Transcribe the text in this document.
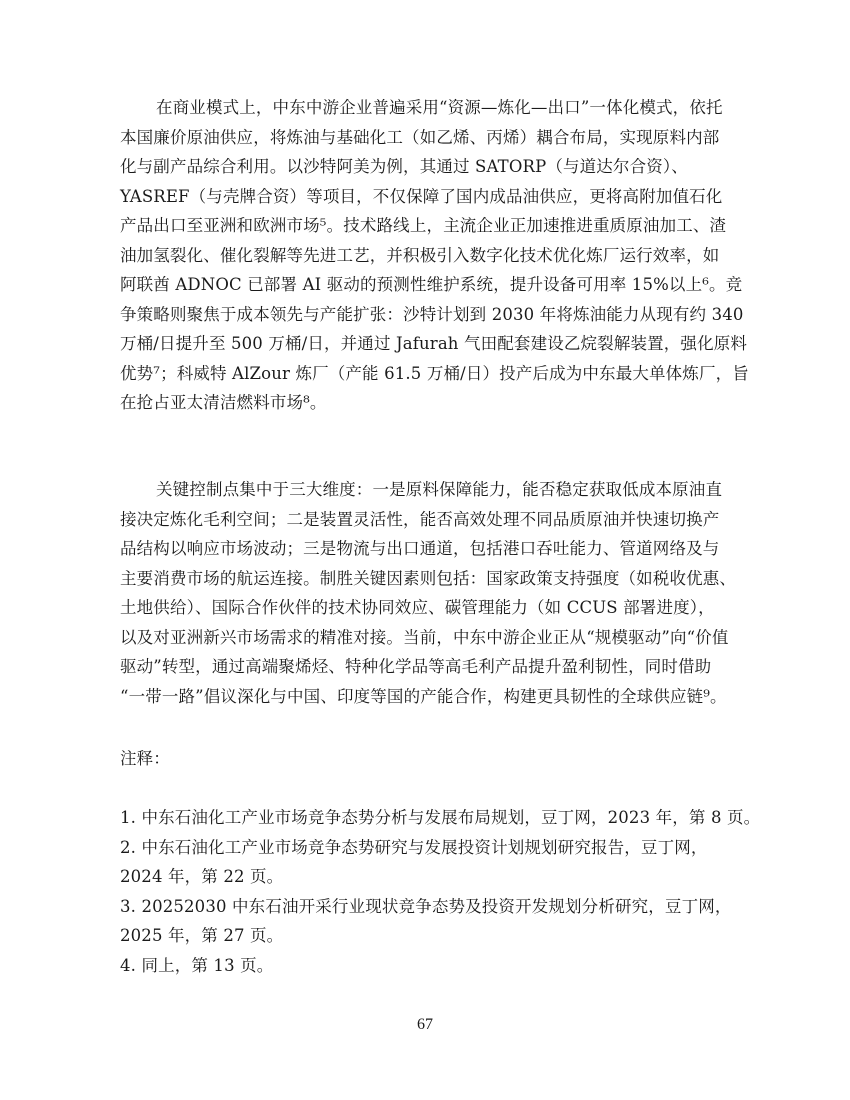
在商业模式上，中东中游企业普遍采用“资源—炼化—出口”一体化模式，依托
本国廉价原油供应，将炼油与基础化工（如乙烯、丙烯）耦合布局，实现原料内部
化与副产品综合利用。以沙特阿美为例，其通过 SATORP（与道达尔合资）、
YASREF（与壳牌合资）等项目，不仅保障了国内成品油供应，更将高附加值石化
产品出口至亚洲和欧洲市场⁵。技术路线上，主流企业正加速推进重质原油加工、渣
油加氢裂化、催化裂解等先进工艺，并积极引入数字化技术优化炼厂运行效率，如
阿联酋 ADNOC 已部署 AI 驱动的预测性维护系统，提升设备可用率 15%以上⁶。竞
争策略则聚焦于成本领先与产能扩张：沙特计划到 2030 年将炼油能力从现有约 340
万桶/日提升至 500 万桶/日，并通过 Jafurah 气田配套建设乙烷裂解装置，强化原料
优势⁷；科威特 AlZour 炼厂（产能 61.5 万桶/日）投产后成为中东最大单体炼厂，旨
在抢占亚太清洁燃料市场⁸。
关键控制点集中于三大维度：一是原料保障能力，能否稳定获取低成本原油直
接决定炼化毛利空间；二是装置灵活性，能否高效处理不同品质原油并快速切换产
品结构以响应市场波动；三是物流与出口通道，包括港口吞吐能力、管道网络及与
主要消费市场的航运连接。制胜关键因素则包括：国家政策支持强度（如税收优惠、
土地供给）、国际合作伙伴的技术协同效应、碳管理能力（如 CCUS 部署进度），
以及对亚洲新兴市场需求的精准对接。当前，中东中游企业正从“规模驱动”向“价值
驱动”转型，通过高端聚烯烃、特种化学品等高毛利产品提升盈利韧性，同时借助
“一带一路”倡议深化与中国、印度等国的产能合作，构建更具韧性的全球供应链⁹。
注释：
1. 中东石油化工产业市场竞争态势分析与发展布局规划，豆丁网，2023 年，第 8 页。
2. 中东石油化工产业市场竞争态势研究与发展投资计划规划研究报告，豆丁网，
2024 年，第 22 页。
3. 20252030 中东石油开采行业现状竞争态势及投资开发规划分析研究，豆丁网，
2025 年，第 27 页。
4. 同上，第 13 页。
67
